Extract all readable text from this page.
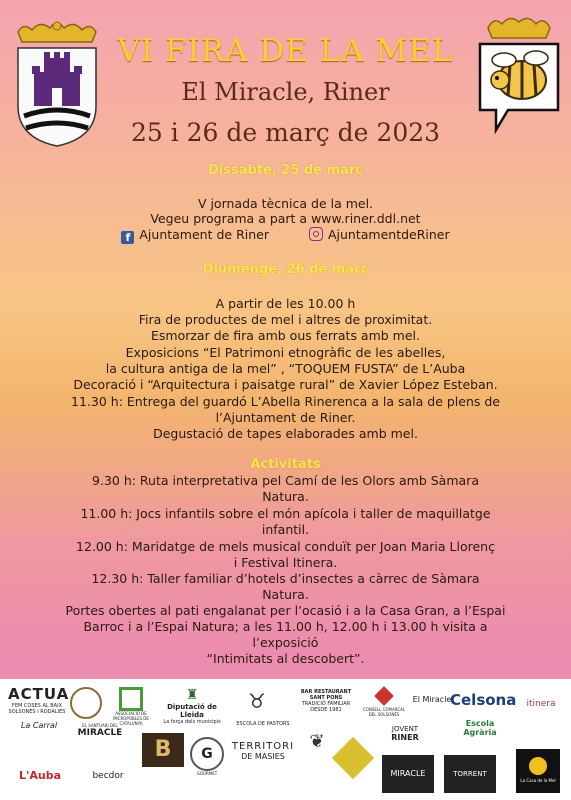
VI FIRA DE LA MEL
El Miracle, Riner
25 i 26 de març de 2023
Dissabte, 25 de març
V jornada tècnica de la mel.
Vegeu programa a part a www.riner.ddl.net
f Ajuntament de Riner	AjuntamentdeRiner
Diumenge, 26 de març
A partir de les 10.00 h
Fira de productes de mel i altres de proximitat.
Esmorzar de fira amb ous ferrats amb mel.
Exposicions “El Patrimoni etnogràfic de les abelles,
la cultura antiga de la mel” , “TOQUEM FUSTA” de L’Auba
Decoració i “Arquitectura i paisatge rural” de Xavier López Esteban.
11.30 h: Entrega del guardó L’Abella Rinerenca a la sala de plens de
l’Ajuntament de Riner.
Degustació de tapes elaborades amb mel.
Activitats
9.30 h: Ruta interpretativa pel Camí de les Olors amb Sàmara
Natura.
11.00 h: Jocs infantils sobre el món apícola i taller de maquillatge
infantil.
12.00 h: Maridatge de mels musical conduït per Joan Maria Llorenç
i Festival Itinera.
12.30 h: Taller familiar d’hotels d’insectes a càrrec de Sàmara
Natura.
Portes obertes al pati engalanat per l’ocasió i a la Casa Gran, a l’Espai
Barroc i a l’Espai Natura; a les 11.00 h, 12.00 h i 13.00 h visita a
l’exposició
“Intimitats al descobert”.
ACTUA
FEM COSES AL BAIX SOLSONÈS I RODALIES	ASSOCIACIÓ DE MICROPOBLES DE CATALUNYA
♜
Diputació de Lleida
La força dels municipis
♉	BAR RESTAURANT SANT PONS
TRADICIÓ FAMILIAR DESDE 1981	CONSELL COMARCAL DEL SOLSONÈS
El Miracle
Celsona	itinera
La Carral	EL SANTUARI DEL
MIRACLE
B	G
GOURMET
ESCOLA DE PASTORS
TERRITORI
DE MASIES
❦
JOVENT
RINER
Escola Agrària
MIRACLE	TORRENT
La Casa de la Mel
L'Auba	becdor
